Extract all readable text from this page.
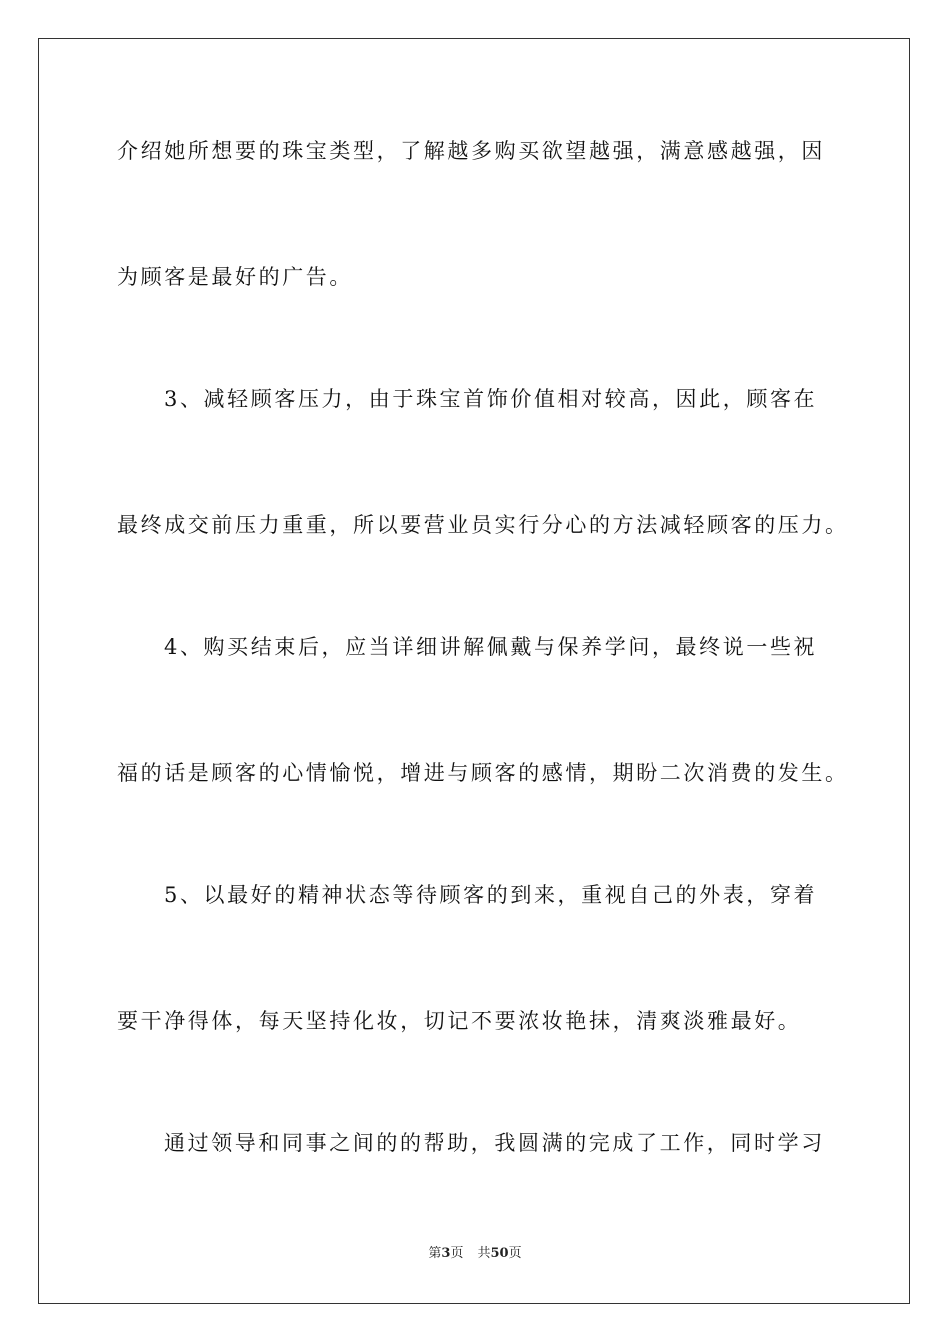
介绍她所想要的珠宝类型，了解越多购买欲望越强，满意感越强，因
为顾客是最好的广告。
3、减轻顾客压力，由于珠宝首饰价值相对较高，因此，顾客在
最终成交前压力重重，所以要营业员实行分心的方法减轻顾客的压力。
4、购买结束后，应当详细讲解佩戴与保养学问，最终说一些祝
福的话是顾客的心情愉悦，增进与顾客的感情，期盼二次消费的发生。
5、以最好的精神状态等待顾客的到来，重视自己的外表，穿着
要干净得体，每天坚持化妆，切记不要浓妆艳抹，清爽淡雅最好。
通过领导和同事之间的的帮助，我圆满的完成了工作，同时学习
第3页 共50页
